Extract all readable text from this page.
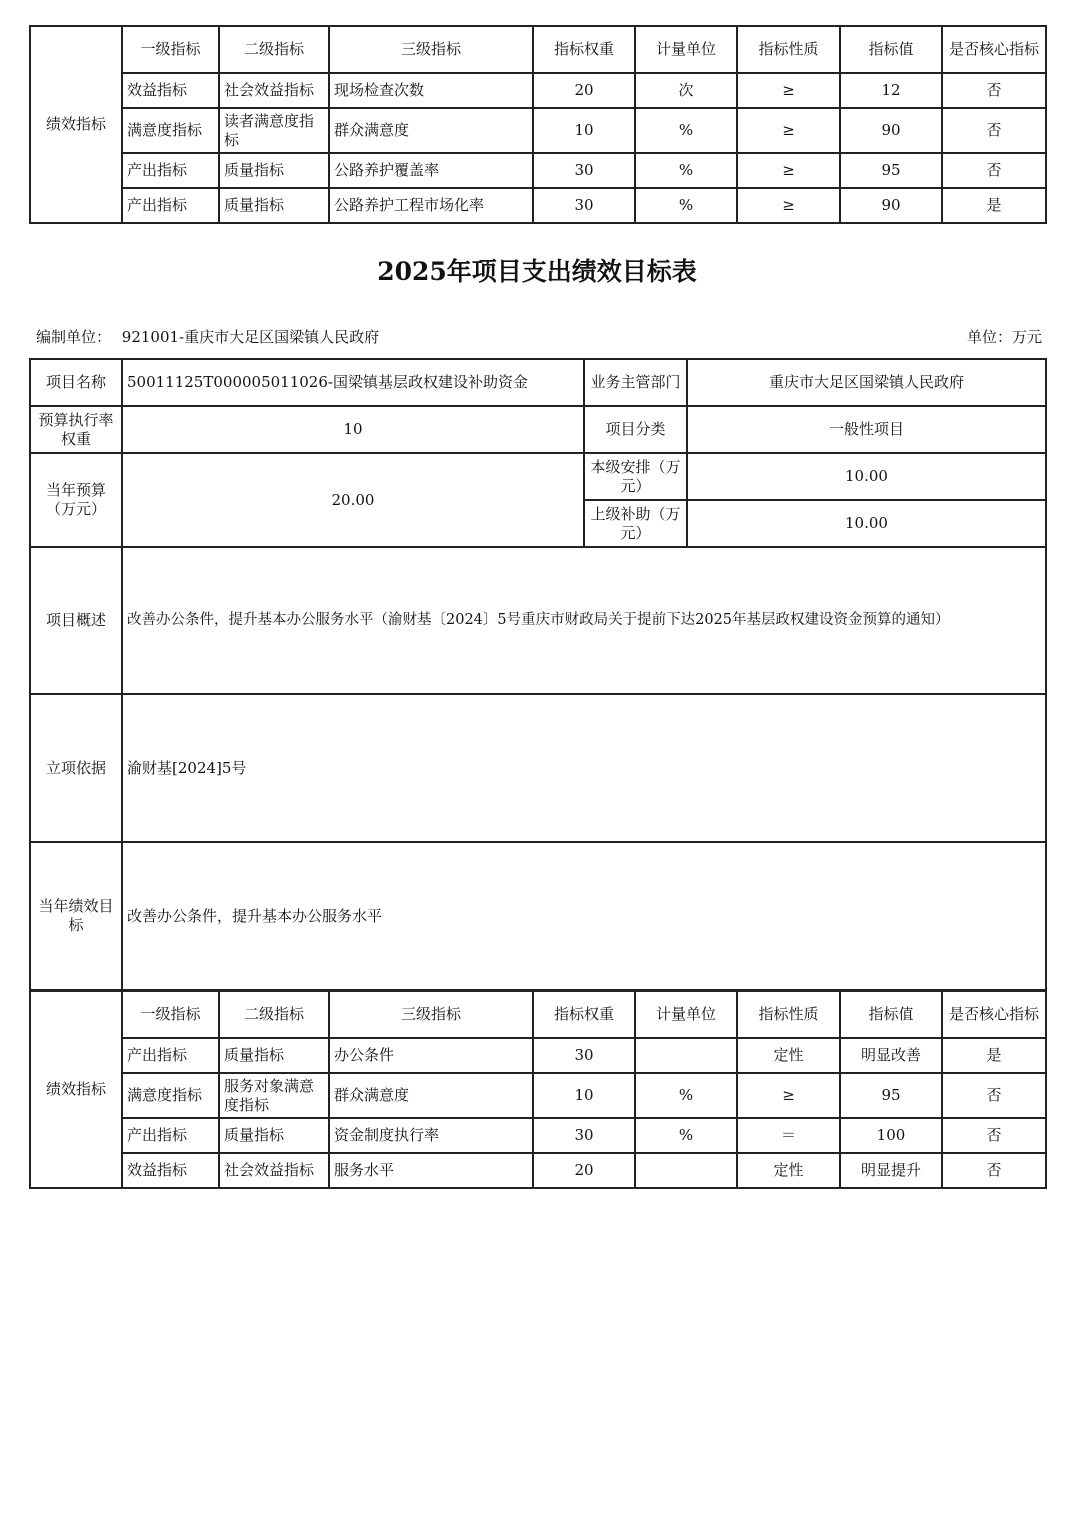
绩效指标	一级指标	二级指标	三级指标	指标权重	计量单位	指标性质	指标值	是否核心指标
	效益指标	社会效益指标	现场检查次数	20	次	≥	12	否
	满意度指标	读者满意度指标	群众满意度	10	%	≥	90	否
	产出指标	质量指标	公路养护覆盖率	30	%	≥	95	否
	产出指标	质量指标	公路养护工程市场化率	30	%	≥	90	是
2025年项目支出绩效目标表
编制单位： 921001-重庆市大足区国梁镇人民政府	单位：万元
项目名称	50011125T000005011026-国梁镇基层政权建设补助资金	业务主管部门	重庆市大足区国梁镇人民政府
预算执行率权重	10	项目分类	一般性项目
当年预算（万元）	20.00	本级安排（万元）	10.00
		上级补助（万元）	10.00
项目概述	改善办公条件，提升基本办公服务水平（渝财基〔2024〕5号重庆市财政局关于提前下达2025年基层政权建设资金预算的通知）		
立项依据	渝财基[2024]5号		
当年绩效目标	改善办公条件，提升基本办公服务水平		
绩效指标	一级指标	二级指标	三级指标	指标权重	计量单位	指标性质	指标值	是否核心指标
	产出指标	质量指标	办公条件	30		定性	明显改善	是
	满意度指标	服务对象满意度指标	群众满意度	10	%	≥	95	否
	产出指标	质量指标	资金制度执行率	30	%	＝	100	否
	效益指标	社会效益指标	服务水平	20		定性	明显提升	否
